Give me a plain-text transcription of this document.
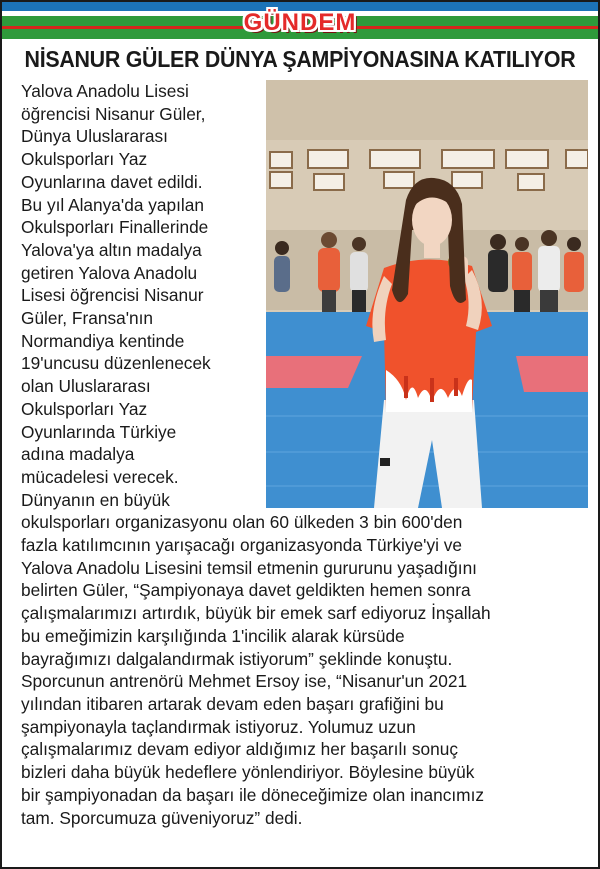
GÜNDEM
NİSANUR GÜLER DÜNYA ŞAMPİYONASINA KATILIYOR
Yalova Anadolu Lisesi
öğrencisi Nisanur Güler,
Dünya Uluslararası
Okulsporları Yaz
Oyunlarına davet edildi.
Bu yıl Alanya'da yapılan
Okulsporları Finallerinde
Yalova'ya altın madalya
getiren Yalova Anadolu
Lisesi öğrencisi Nisanur
Güler, Fransa'nın
Normandiya kentinde
19'uncusu düzenlenecek
olan Uluslararası
Okulsporları Yaz
Oyunlarında Türkiye
adına madalya
mücadelesi verecek.
Dünyanın en büyük
okulsporları organizasyonu olan 60 ülkeden 3 bin 600'den
fazla katılımcının yarışacağı organizasyonda Türkiye'yi ve
Yalova Anadolu Lisesini temsil etmenin gururunu yaşadığını
belirten Güler, “Şampiyonaya davet geldikten hemen sonra
çalışmalarımızı artırdık, büyük bir emek sarf ediyoruz İnşallah
bu emeğimizin karşılığında 1'incilik alarak kürsüde
bayrağımızı dalgalandırmak istiyorum” şeklinde konuştu.
Sporcunun antrenörü Mehmet Ersoy ise, “Nisanur'un 2021
yılından itibaren artarak devam eden başarı grafiğini bu
şampiyonayla taçlandırmak istiyoruz. Yolumuz uzun
çalışmalarımız devam ediyor aldığımız her başarılı sonuç
bizleri daha büyük hedeflere yönlendiriyor. Böylesine büyük
bir şampiyonadan da başarı ile döneceğimize olan inancımız
tam. Sporcumuza güveniyoruz” dedi.
